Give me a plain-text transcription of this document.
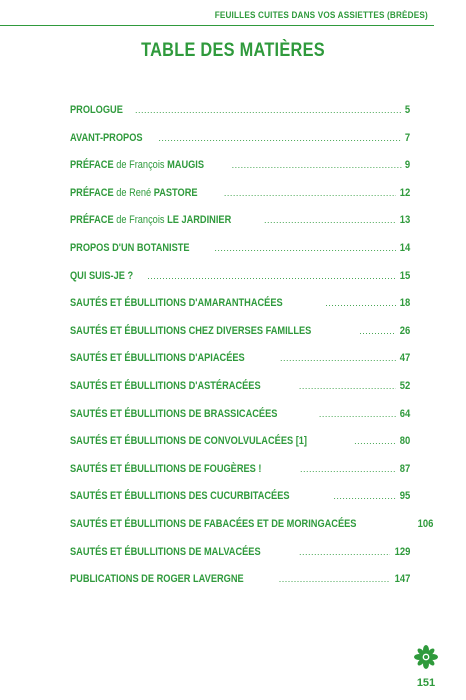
FEUILLES CUITES DANS VOS ASSIETTES (BRÈDES)
TABLE DES MATIÈRES
PROLOGUE .....	5
AVANT-PROPOS .....	7
PRÉFACE de François MAUGIS .....	9
PRÉFACE de René PASTORE .....	12
PRÉFACE de François LE JARDINIER .....	13
PROPOS D'UN BOTANISTE .....	14
QUI SUIS-JE ? .....	15
SAUTÉS ET ÉBULLITIONS D'AMARANTHACÉES .....	18
SAUTÉS ET ÉBULLITIONS CHEZ DIVERSES FAMILLES .....	26
SAUTÉS ET ÉBULLITIONS D'APIACÉES .....	47
SAUTÉS ET ÉBULLITIONS D'ASTÉRACÉES .....	52
SAUTÉS ET ÉBULLITIONS DE BRASSICACÉES .....	64
SAUTÉS ET ÉBULLITIONS DE CONVOLVULACÉES [1] .....	80
SAUTÉS ET ÉBULLITIONS DE FOUGÈRES ! .....	87
SAUTÉS ET ÉBULLITIONS DES CUCURBITACÉES .....	95
SAUTÉS ET ÉBULLITIONS DE FABACÉES ET DE MORINGACÉES	106
SAUTÉS ET ÉBULLITIONS DE MALVACÉES .....	129
PUBLICATIONS DE ROGER LAVERGNE .....	147
151
